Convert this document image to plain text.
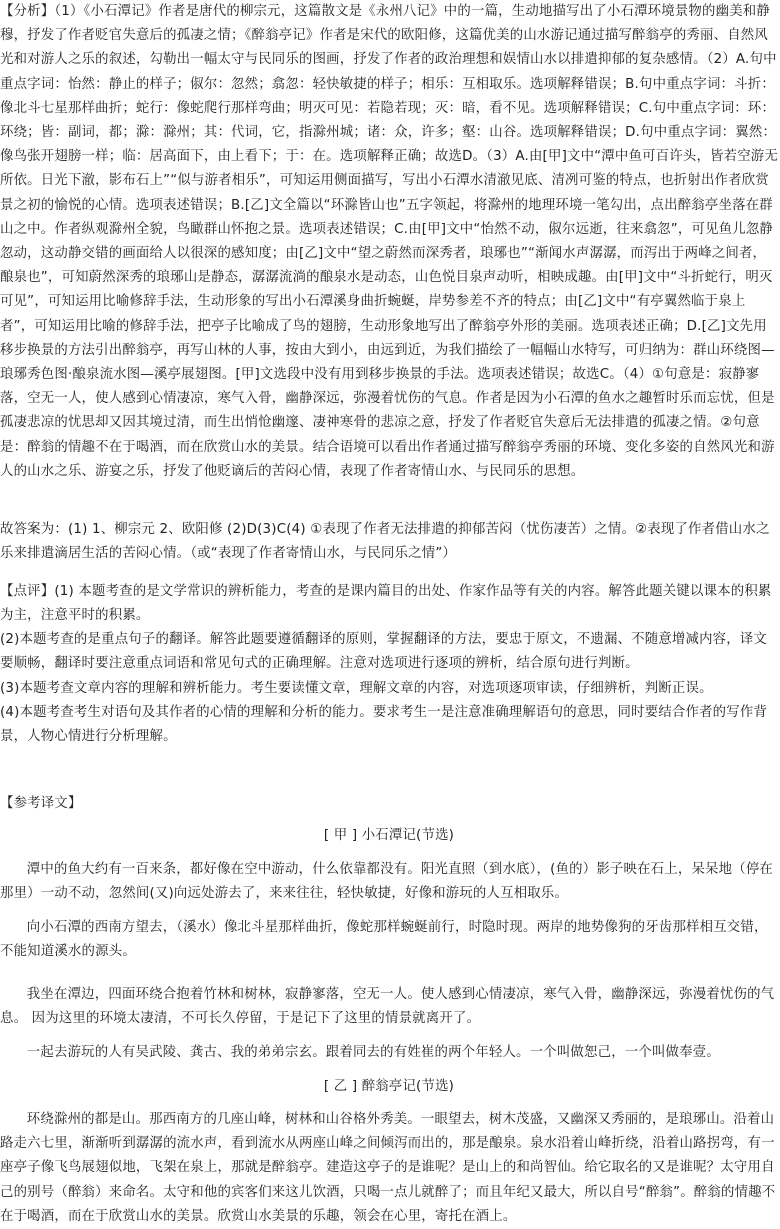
【分析】（1）《小石潭记》作者是唐代的柳宗元，这篇散文是《永州八记》中的一篇，生动地描写出了小石潭环境景物的幽美和静穆，抒发了作者贬官失意后的孤凄之情；《醉翁亭记》作者是宋代的欧阳修，这篇优美的山水游记通过描写醉翁亭的秀丽、自然风光和对游人之乐的叙述，勾勒出一幅太守与民同乐的图画，抒发了作者的政治理想和娱情山水以排遣抑郁的复杂感情。（2）A.句中重点字词：怡然：静止的样子；俶尔：忽然；翕忽：轻快敏捷的样子；相乐：互相取乐。选项解释错误；B.句中重点字词：斗折：像北斗七星那样曲折；蛇行：像蛇爬行那样弯曲；明灭可见：若隐若现；灭：暗，看不见。选项解释错误；C.句中重点字词：环：环绕；皆：副词，都；滁：滁州；其：代词，它，指滁州城；诸：众，许多；壑：山谷。选项解释错误；D.句中重点字词：翼然：像鸟张开翅膀一样；临：居高面下，由上看下；于：在。选项解释正确；故选D。（3）A.由[甲]文中“潭中鱼可百许头，皆若空游无所依。日光下澈，影布石上”“似与游者相乐”，可知运用侧面描写，写出小石潭水清澈见底、清冽可鉴的特点，也折射出作者欣赏景之初的愉悦的心情。选项表述错误；B.[乙]文全篇以“环滁皆山也”五字领起，将滁州的地理环境一笔勾出，点出醉翁亭坐落在群山之中。作者纵观滁州全貌，鸟瞰群山怀抱之景。选项表述错误；C.由[甲]文中“怡然不动，俶尔远逝，往来翕忽”，可见鱼儿忽静忽动，这动静交错的画面给人以很深的感知度；由[乙]文中“望之蔚然而深秀者，琅琊也”“渐闻水声潺潺，而泻出于两峰之间者，酿泉也”，可知蔚然深秀的琅琊山是静态，潺潺流淌的酿泉水是动态，山色悦目泉声动听，相映成趣。由[甲]文中“斗折蛇行，明灭可见”，可知运用比喻修辞手法，生动形象的写出小石潭溪身曲折蜿蜒，岸势参差不齐的特点；由[乙]文中“有亭翼然临于泉上者”，可知运用比喻的修辞手法，把亭子比喻成了鸟的翅膀，生动形象地写出了醉翁亭外形的美丽。选项表述正确；D.[乙]文先用移步换景的方法引出醉翁亭，再写山林的人事，按由大到小，由远到近，为我们描绘了一幅幅山水特写，可归纳为：群山环绕图—琅琊秀色图·酿泉流水图—溪亭展翅图。[甲]文选段中没有用到移步换景的手法。选项表述错误；故选C。（4）①句意是：寂静寥落，空无一人，使人感到心情凄凉，寒气入骨，幽静深远，弥漫着忧伤的气息。作者是因为小石潭的鱼水之趣暂时乐而忘忧，但是孤凄悲凉的忧思却又因其境过清，而生出悄怆幽邃、凄神寒骨的悲凉之意，抒发了作者贬官失意后无法排遣的孤凄之情。②句意是：醉翁的情趣不在于喝酒，而在欣赏山水的美景。结合语境可以看出作者通过描写醉翁亭秀丽的环境、变化多姿的自然风光和游人的山水之乐、游宴之乐，抒发了他贬谪后的苦闷心情，表现了作者寄情山水、与民同乐的思想。

故答案为：(1) 1、柳宗元 2、欧阳修 (2)D(3)C(4) ①表现了作者无法排遣的抑郁苦闷（忧伤凄苦）之情。②表现了作者借山水之乐来排遣滴居生活的苦闷心情。（或“表现了作者寄情山水，与民同乐之情”）

【点评】(1) 本题考查的是文学常识的辨析能力，考查的是课内篇目的出处、作家作品等有关的内容。解答此题关键以课本的积累为主，注意平时的积累。

(2)本题考查的是重点句子的翻译。解答此题要遵循翻译的原则，掌握翻译的方法，要忠于原文，不遗漏、不随意增减内容，译文要顺畅，翻译时要注意重点词语和常见句式的正确理解。注意对选项进行逐项的辨析，结合原句进行判断。

(3)本题考查文章内容的理解和辨析能力。考生要读懂文章，理解文章的内容，对选项逐项审读，仔细辨析，判断正误。

(4)本题考查考生对语句及其作者的心情的理解和分析的能力。要求考生一是注意准确理解语句的意思，同时要结合作者的写作背景，人物心情进行分析理解。

【参考译文】

[ 甲 ] 小石潭记(节选)

潭中的鱼大约有一百来条，都好像在空中游动，什么依靠都没有。阳光直照（到水底），(鱼的）影子映在石上，呆呆地（停在那里）一动不动，忽然间(又)向远处游去了，来来往往，轻快敏捷，好像和游玩的人互相取乐。

向小石潭的西南方望去，（溪水）像北斗星那样曲折，像蛇那样蜿蜒前行，时隐时现。两岸的地势像狗的牙齿那样相互交错，不能知道溪水的源头。

我坐在潭边，四面环绕合抱着竹林和树林，寂静寥落，空无一人。使人感到心情凄凉，寒气入骨，幽静深远，弥漫着忧伤的气息。 因为这里的环境太凄清，不可长久停留，于是记下了这里的情景就离开了。

一起去游玩的人有吴武陵、龚古、我的弟弟宗玄。跟着同去的有姓崔的两个年轻人。一个叫做恕己，一个叫做奉壹。

[ 乙 ] 醉翁亭记(节选)

环绕滁州的都是山。那西南方的几座山峰，树林和山谷格外秀美。一眼望去，树木茂盛，又幽深又秀丽的，是琅琊山。沿着山路走六七里，渐渐听到潺潺的流水声，看到流水从两座山峰之间倾泻而出的，那是酿泉。泉水沿着山峰折绕，沿着山路拐弯，有一座亭子像飞鸟展翅似地，飞架在泉上，那就是醉翁亭。建造这亭子的是谁呢？是山上的和尚智仙。给它取名的又是谁呢？太守用自己的别号（醉翁）来命名。太守和他的宾客们来这儿饮酒，只喝一点儿就醉了；而且年纪又最大，所以自号“醉翁”。醉翁的情趣不在于喝酒，而在于欣赏山水的美景。欣赏山水美景的乐趣，领会在心里，寄托在酒上。
